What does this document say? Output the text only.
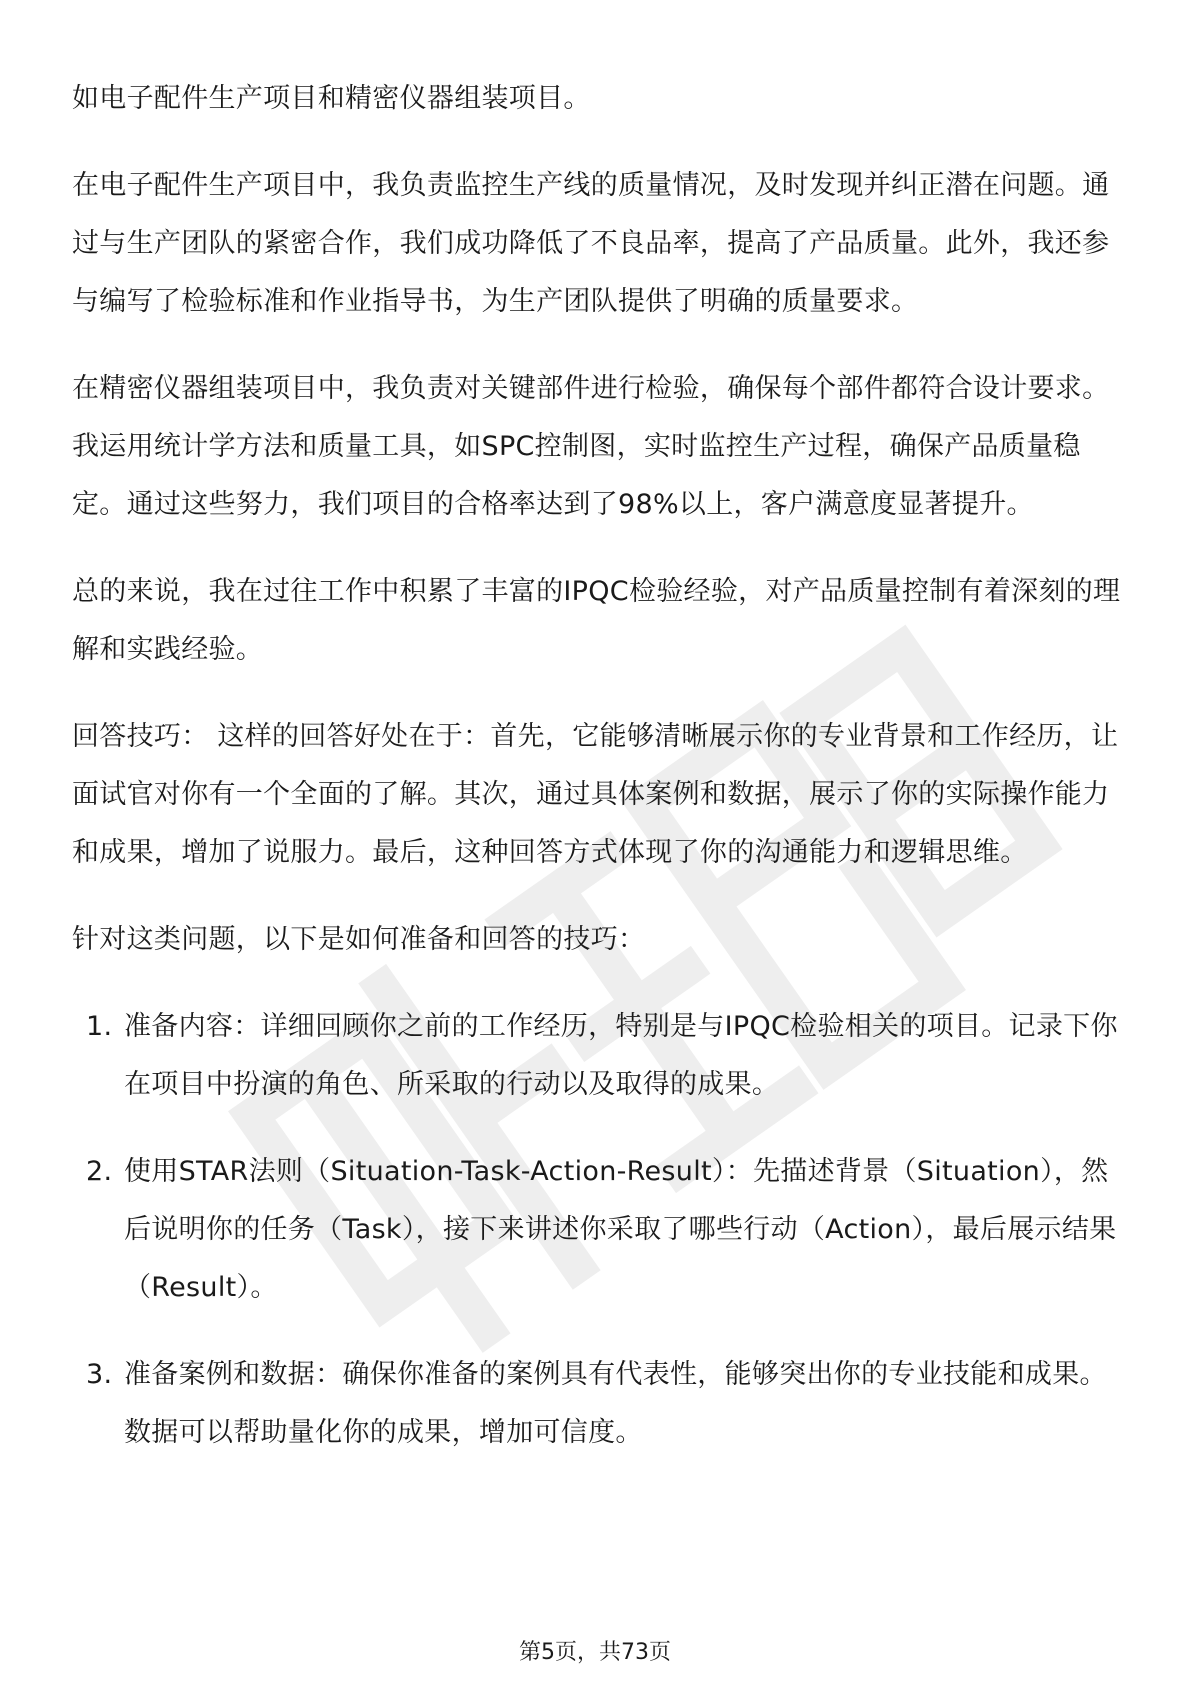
如电子配件生产项目和精密仪器组装项目。

在电子配件生产项目中，我负责监控生产线的质量情况，及时发现并纠正潜在问题。通过与生产团队的紧密合作，我们成功降低了不良品率，提高了产品质量。此外，我还参与编写了检验标准和作业指导书，为生产团队提供了明确的质量要求。

在精密仪器组装项目中，我负责对关键部件进行检验，确保每个部件都符合设计要求。我运用统计学方法和质量工具，如SPC控制图，实时监控生产过程，确保产品质量稳定。通过这些努力，我们项目的合格率达到了98%以上，客户满意度显著提升。

总的来说，我在过往工作中积累了丰富的IPQC检验经验，对产品质量控制有着深刻的理解和实践经验。

回答技巧： 这样的回答好处在于：首先，它能够清晰展示你的专业背景和工作经历，让面试官对你有一个全面的了解。其次，通过具体案例和数据，展示了你的实际操作能力和成果，增加了说服力。最后，这种回答方式体现了你的沟通能力和逻辑思维。

针对这类问题，以下是如何准备和回答的技巧：

1. 准备内容：详细回顾你之前的工作经历，特别是与IPQC检验相关的项目。记录下你在项目中扮演的角色、所采取的行动以及取得的成果。
2. 使用STAR法则（Situation-Task-Action-Result）：先描述背景（Situation），然后说明你的任务（Task），接下来讲述你采取了哪些行动（Action），最后展示结果（Result）。
3. 准备案例和数据：确保你准备的案例具有代表性，能够突出你的专业技能和成果。数据可以帮助量化你的成果，增加可信度。
第5页，共73页
